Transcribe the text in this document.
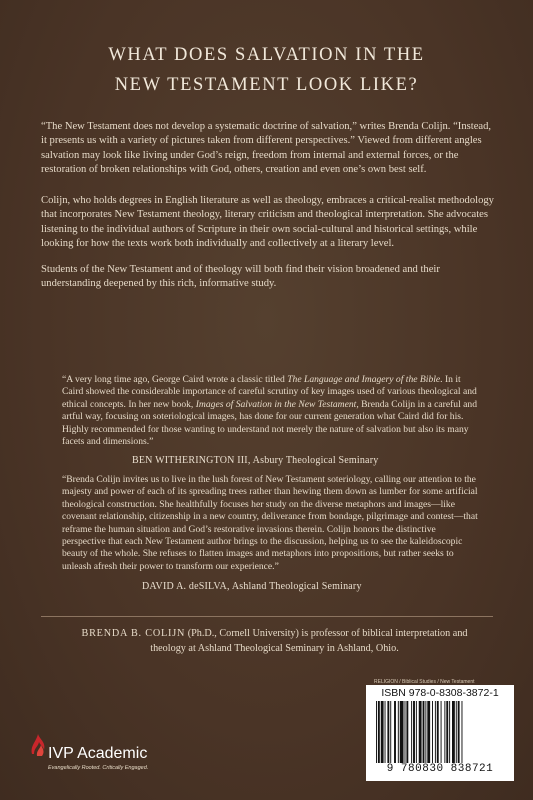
WHAT DOES SALVATION IN THE
NEW TESTAMENT LOOK LIKE?
“The New Testament does not develop a systematic doctrine of salvation,” writes Brenda Colijn. “Instead, it presents us with a variety of pictures taken from different perspectives.” Viewed from different angles salvation may look like living under God’s reign, freedom from internal and external forces, or the restoration of broken relationships with God, others, creation and even one’s own best self.
Colijn, who holds degrees in English literature as well as theology, embraces a critical-realist methodology that incorporates New Testament theology, literary criticism and theological interpretation. She advocates listening to the individual authors of Scripture in their own social-cultural and historical settings, while looking for how the texts work both individually and collectively at a literary level.
Students of the New Testament and of theology will both find their vision broadened and their understanding deepened by this rich, informative study.
“A very long time ago, George Caird wrote a classic titled The Language and Imagery of the Bible. In it Caird showed the considerable importance of careful scrutiny of key images used of various theological and ethical concepts. In her new book, Images of Salvation in the New Testament, Brenda Colijn in a careful and artful way, focusing on soteriological images, has done for our current generation what Caird did for his. Highly recommended for those wanting to understand not merely the nature of salvation but also its many facets and dimensions.”
BEN WITHERINGTON III, Asbury Theological Seminary
“Brenda Colijn invites us to live in the lush forest of New Testament soteriology, calling our attention to the majesty and power of each of its spreading trees rather than hewing them down as lumber for some artificial theological construction. She healthfully focuses her study on the diverse metaphors and images—like covenant relationship, citizenship in a new country, deliverance from bondage, pilgrimage and contest—that reframe the human situation and God’s restorative invasions therein. Colijn honors the distinctive perspective that each New Testament author brings to the discussion, helping us to see the kaleidoscopic beauty of the whole. She refuses to flatten images and metaphors into propositions, but rather seeks to unleash afresh their power to transform our experience.”
DAVID A. deSILVA, Ashland Theological Seminary
BRENDA B. COLIJN (Ph.D., Cornell University) is professor of biblical interpretation and theology at Ashland Theological Seminary in Ashland, Ohio.
RELIGION / Biblical Studies / New Testament
ISBN 978-0-8308-3872-1
9 780830 838721
IVP Academic
Evangelically Rooted. Critically Engaged.
